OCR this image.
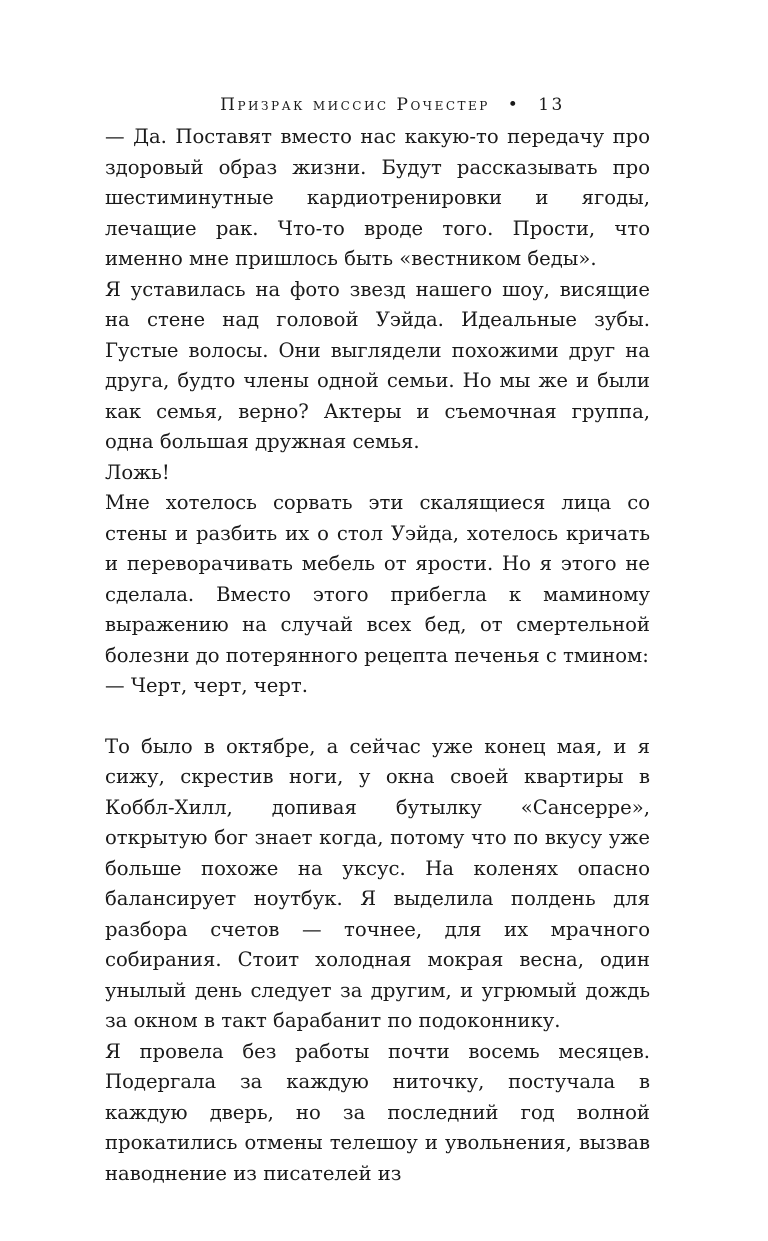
Призрак миссис Рочестер • 13

— Да. Поставят вместо нас какую-то передачу про здоровый образ жизни. Будут рассказывать про шестиминутные кардиотренировки и ягоды, лечащие рак. Что-то вроде того. Прости, что именно мне пришлось быть «вестником беды».

Я уставилась на фото звезд нашего шоу, висящие на стене над головой Уэйда. Идеальные зубы. Густые волосы. Они выглядели похожими друг на друга, будто члены одной семьи. Но мы же и были как семья, верно? Актеры и съемочная группа, одна большая дружная семья.

Ложь!

Мне хотелось сорвать эти скалящиеся лица со стены и разбить их о стол Уэйда, хотелось кричать и переворачивать мебель от ярости. Но я этого не сделала. Вместо этого прибегла к маминому выражению на случай всех бед, от смертельной болезни до потерянного рецепта печенья с тмином:

— Черт, черт, черт.

То было в октябре, а сейчас уже конец мая, и я сижу, скрестив ноги, у окна своей квартиры в Коббл-Хилл, допивая бутылку «Сансерре», открытую бог знает когда, потому что по вкусу уже больше похоже на уксус. На коленях опасно балансирует ноутбук. Я выделила полдень для разбора счетов — точнее, для их мрачного собирания. Стоит холодная мокрая весна, один унылый день следует за другим, и угрюмый дождь за окном в такт барабанит по подоконнику.

Я провела без работы почти восемь месяцев. Подергала за каждую ниточку, постучала в каждую дверь, но за последний год волной прокатились отмены телешоу и увольнения, вызвав наводнение из писателей из
